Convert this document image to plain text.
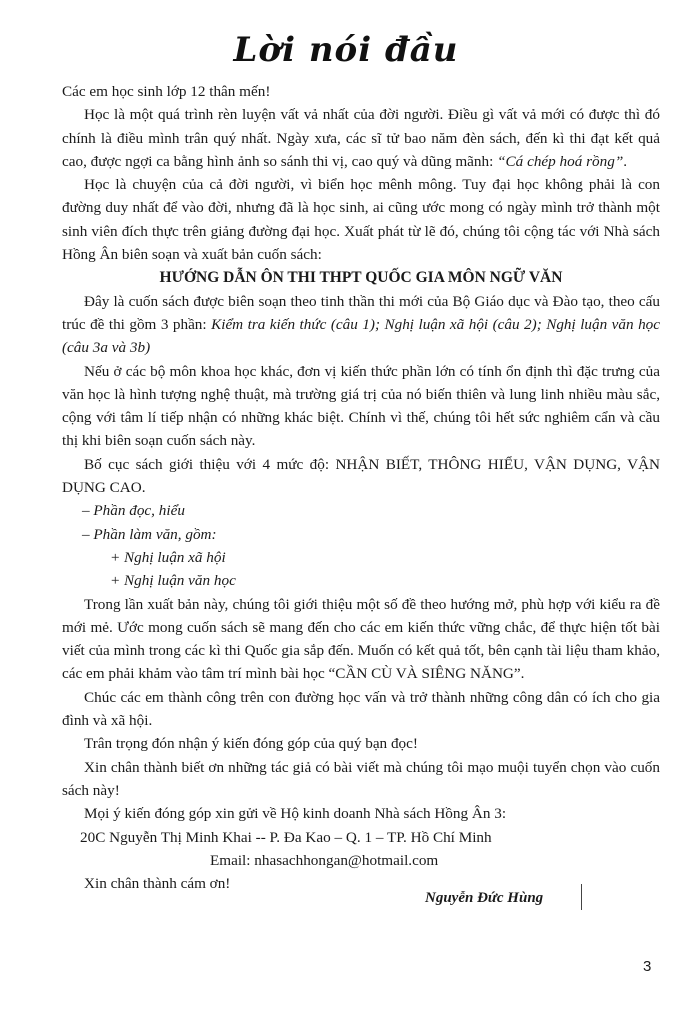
Lời nói đầu

Các em học sinh lớp 12 thân mến!

Học là một quá trình rèn luyện vất vả nhất của đời người. Điều gì vất vả mới có được thì đó chính là điều mình trân quý nhất. Ngày xưa, các sĩ tử bao năm đèn sách, đến kì thi đạt kết quả cao, được ngợi ca bằng hình ảnh so sánh thi vị, cao quý và dũng mãnh: “Cá chép hoá rồng”.

Học là chuyện của cả đời người, vì biển học mênh mông. Tuy đại học không phải là con đường duy nhất để vào đời, nhưng đã là học sinh, ai cũng ước mong có ngày mình trở thành một sinh viên đích thực trên giảng đường đại học. Xuất phát từ lẽ đó, chúng tôi cộng tác với Nhà sách Hồng Ân biên soạn và xuất bản cuốn sách:

HƯỚNG DẪN ÔN THI THPT QUỐC GIA MÔN NGỮ VĂN

Đây là cuốn sách được biên soạn theo tinh thần thi mới của Bộ Giáo dục và Đào tạo, theo cấu trúc đề thi gồm 3 phần: Kiểm tra kiến thức (câu 1); Nghị luận xã hội (câu 2); Nghị luận văn học (câu 3a và 3b)

Nếu ở các bộ môn khoa học khác, đơn vị kiến thức phần lớn có tính ổn định thì đặc trưng của văn học là hình tượng nghệ thuật, mà trường giá trị của nó biến thiên và lung linh nhiều màu sắc, cộng với tâm lí tiếp nhận có những khác biệt. Chính vì thế, chúng tôi hết sức nghiêm cẩn và cầu thị khi biên soạn cuốn sách này.

Bố cục sách giới thiệu với 4 mức độ: NHẬN BIẾT, THÔNG HIỂU, VẬN DỤNG, VẬN DỤNG CAO.

– Phần đọc, hiểu

– Phần làm văn, gồm:

+ Nghị luận xã hội

+ Nghị luận văn học

Trong lần xuất bản này, chúng tôi giới thiệu một số đề theo hướng mở, phù hợp với kiểu ra đề mới mẻ. Ước mong cuốn sách sẽ mang đến cho các em kiến thức vững chắc, để thực hiện tốt bài viết của mình trong các kì thi Quốc gia sắp đến. Muốn có kết quả tốt, bên cạnh tài liệu tham khảo, các em phải khảm vào tâm trí mình bài học “CẦN CÙ VÀ SIÊNG NĂNG”.

Chúc các em thành công trên con đường học vấn và trở thành những công dân có ích cho gia đình và xã hội.

Trân trọng đón nhận ý kiến đóng góp của quý bạn đọc!

Xin chân thành biết ơn những tác giả có bài viết mà chúng tôi mạo muội tuyển chọn vào cuốn sách này!

Mọi ý kiến đóng góp xin gửi về Hộ kinh doanh Nhà sách Hồng Ân 3:

20C Nguyễn Thị Minh Khai -- P. Đa Kao – Q. 1 – TP. Hồ Chí Minh

Email: nhasachhongan@hotmail.com

Xin chân thành cám ơn!

Nguyễn Đức Hùng
3
